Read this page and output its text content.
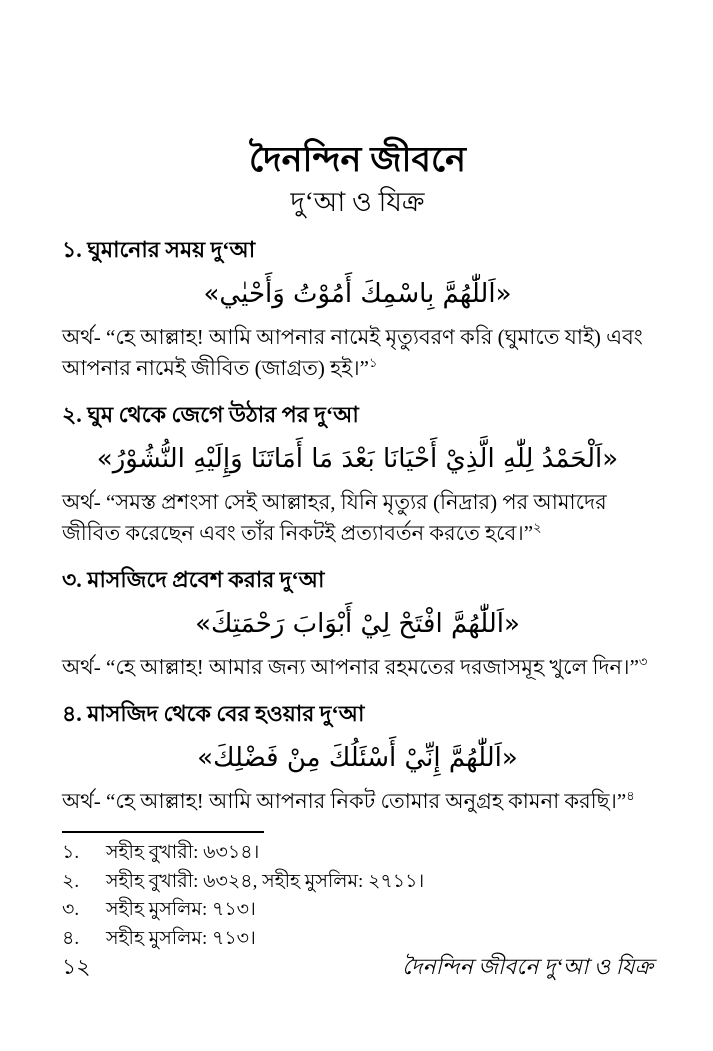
দৈনন্দিন জীবনে
দু‘আ ও যিক্র
১. ঘুমানোর সময় দু‘আ

«اَللّٰهُمَّ بِاسْمِكَ أَمُوْتُ وَأَحْيٰي»

অর্থ- “হে আল্লাহ! আমি আপনার নামেই মৃত্যুবরণ করি (ঘুমাতে যাই) এবং আপনার নামেই জীবিত (জাগ্রত) হই।”$^১$

২. ঘুম থেকে জেগে উঠার পর দু‘আ

«اَلْحَمْدُ لِلّٰهِ الَّذِيْ أَحْيَانَا بَعْدَ مَا أَمَاتَنَا وَإِلَيْهِ النُّشُوْرُ»

অর্থ- “সমস্ত প্রশংসা সেই আল্লাহর, যিনি মৃত্যুর (নিদ্রার) পর আমাদের জীবিত করেছেন এবং তাঁর নিকটই প্রত্যাবর্তন করতে হবে।”$^২$

৩. মাসজিদে প্রবেশ করার দু‘আ

«اَللّٰهُمَّ افْتَحْ لِيْ أَبْوَابَ رَحْمَتِكَ»

অর্থ- “হে আল্লাহ! আমার জন্য আপনার রহমতের দরজাসমূহ খুলে দিন।”$^৩$

৪. মাসজিদ থেকে বের হওয়ার দু‘আ

«اَللّٰهُمَّ إِنِّيْ أَسْئَلُكَ مِنْ فَضْلِكَ»

অর্থ- “হে আল্লাহ! আমি আপনার নিকট তোমার অনুগ্রহ কামনা করছি।”$^৪$

১.	সহীহ বুখারী: ৬৩১৪।
২.	সহীহ বুখারী: ৬৩২৪, সহীহ মুসলিম: ২৭১১।
৩.	সহীহ মুসলিম: ৭১৩।
৪.	সহীহ মুসলিম: ৭১৩।
১২	দৈনন্দিন জীবনে দু‘আ ও যিক্র
